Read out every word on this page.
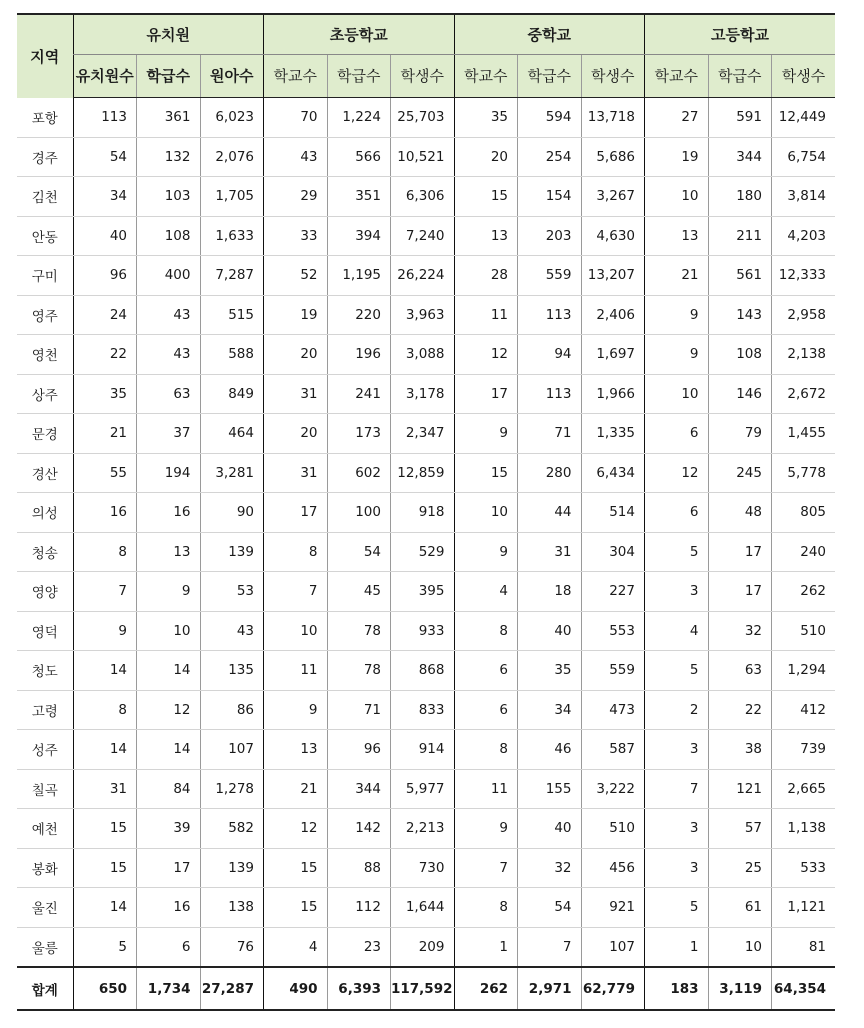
지역	유치원			초등학교			중학교			고등학교		
	유치원수	학급수	원아수	학교수	학급수	학생수	학교수	학급수	학생수	학교수	학급수	학생수
포항	113	361	6,023	70	1,224	25,703	35	594	13,718	27	591	12,449
경주	54	132	2,076	43	566	10,521	20	254	5,686	19	344	6,754
김천	34	103	1,705	29	351	6,306	15	154	3,267	10	180	3,814
안동	40	108	1,633	33	394	7,240	13	203	4,630	13	211	4,203
구미	96	400	7,287	52	1,195	26,224	28	559	13,207	21	561	12,333
영주	24	43	515	19	220	3,963	11	113	2,406	9	143	2,958
영천	22	43	588	20	196	3,088	12	94	1,697	9	108	2,138
상주	35	63	849	31	241	3,178	17	113	1,966	10	146	2,672
문경	21	37	464	20	173	2,347	9	71	1,335	6	79	1,455
경산	55	194	3,281	31	602	12,859	15	280	6,434	12	245	5,778
의성	16	16	90	17	100	918	10	44	514	6	48	805
청송	8	13	139	8	54	529	9	31	304	5	17	240
영양	7	9	53	7	45	395	4	18	227	3	17	262
영덕	9	10	43	10	78	933	8	40	553	4	32	510
청도	14	14	135	11	78	868	6	35	559	5	63	1,294
고령	8	12	86	9	71	833	6	34	473	2	22	412
성주	14	14	107	13	96	914	8	46	587	3	38	739
칠곡	31	84	1,278	21	344	5,977	11	155	3,222	7	121	2,665
예천	15	39	582	12	142	2,213	9	40	510	3	57	1,138
봉화	15	17	139	15	88	730	7	32	456	3	25	533
울진	14	16	138	15	112	1,644	8	54	921	5	61	1,121
울릉	5	6	76	4	23	209	1	7	107	1	10	81
합계	650	1,734	27,287	490	6,393	117,592	262	2,971	62,779	183	3,119	64,354
